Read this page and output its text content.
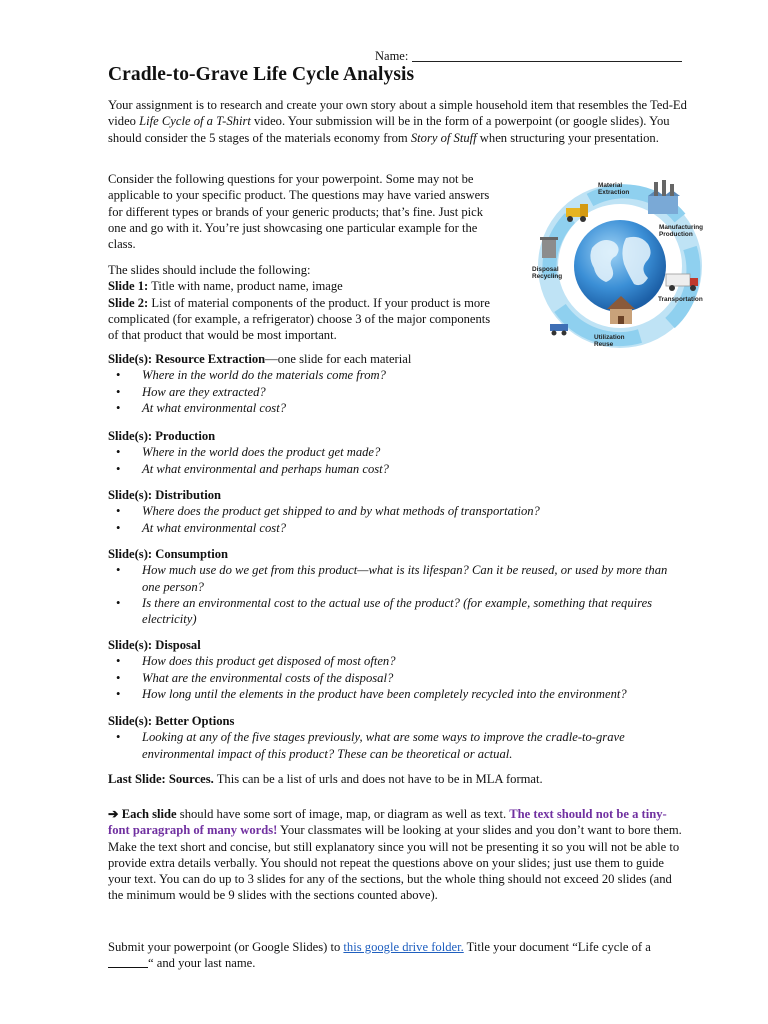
Name:
Cradle-to-Grave Life Cycle Analysis
Your assignment is to research and create your own story about a simple household item that resembles the Ted-Ed video Life Cycle of a T-Shirt video. Your submission will be in the form of a powerpoint (or google slides). You should consider the 5 stages of the materials economy from Story of Stuff when structuring your presentation.
Consider the following questions for your powerpoint. Some may not be applicable to your specific product. The questions may have varied answers for different types or brands of your generic products; that’s fine. Just pick one and go with it. You’re just showcasing one particular example for the class.

The slides should include the following:

Slide 1: Title with name, product name, image

Slide 2: List of material components of the product. If your product is more complicated (for example, a refrigerator) choose 3 of the major components of that product that would be most important.

Material Extraction
Manufacturing Production
Transportation
Utilization Reuse
Disposal Recycling

Slide(s): Resource Extraction—one slide for each material

• Where in the world do the materials come from?
• How are they extracted?
• At what environmental cost?

Slide(s): Production

• Where in the world does the product get made?
• At what environmental and perhaps human cost?

Slide(s): Distribution

• Where does the product get shipped to and by what methods of transportation?
• At what environmental cost?

Slide(s): Consumption

• How much use do we get from this product—what is its lifespan? Can it be reused, or used by more than one person?
• Is there an environmental cost to the actual use of the product? (for example, something that requires electricity)

Slide(s): Disposal

• How does this product get disposed of most often?
• What are the environmental costs of the disposal?
• How long until the elements in the product have been completely recycled into the environment?

Slide(s): Better Options

• Looking at any of the five stages previously, what are some ways to improve the cradle-to-grave environmental impact of this product? These can be theoretical or actual.
Last Slide: Sources. This can be a list of urls and does not have to be in MLA format.
➔ Each slide should have some sort of image, map, or diagram as well as text. The text should not be a tiny-font paragraph of many words! Your classmates will be looking at your slides and you don’t want to bore them. Make the text short and concise, but still explanatory since you will not be presenting it so you will not be able to provide extra details verbally. You should not repeat the questions above on your slides; just use them to guide your text. You can do up to 3 slides for any of the sections, but the whole thing should not exceed 20 slides (and the minimum would be 9 slides with the sections counted above).
Submit your powerpoint (or Google Slides) to this google drive folder. Title your document “Life cycle of a “ and your last name.
